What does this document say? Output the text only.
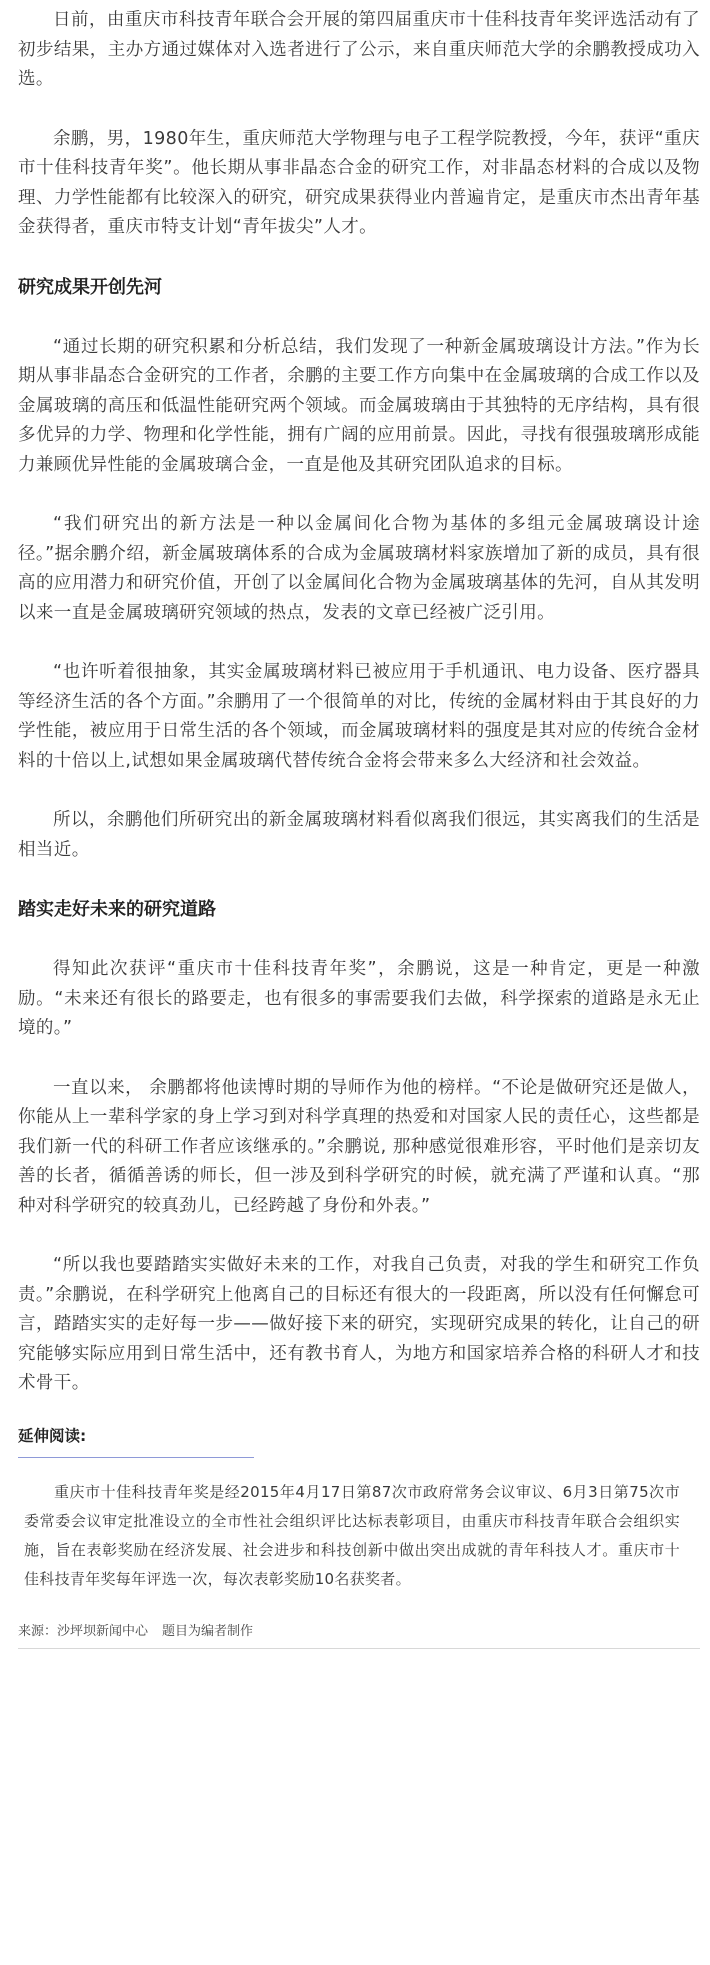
日前，由重庆市科技青年联合会开展的第四届重庆市十佳科技青年奖评选活动有了初步结果，主办方通过媒体对入选者进行了公示，来自重庆师范大学的余鹏教授成功入选。

余鹏，男，1980年生，重庆师范大学物理与电子工程学院教授，今年，获评“重庆市十佳科技青年奖”。他长期从事非晶态合金的研究工作，对非晶态材料的合成以及物理、力学性能都有比较深入的研究，研究成果获得业内普遍肯定，是重庆市杰出青年基金获得者，重庆市特支计划“青年拔尖”人才。

研究成果开创先河

“通过长期的研究积累和分析总结，我们发现了一种新金属玻璃设计方法。”作为长期从事非晶态合金研究的工作者，余鹏的主要工作方向集中在金属玻璃的合成工作以及金属玻璃的高压和低温性能研究两个领域。而金属玻璃由于其独特的无序结构，具有很多优异的力学、物理和化学性能，拥有广阔的应用前景。因此，寻找有很强玻璃形成能力兼顾优异性能的金属玻璃合金，一直是他及其研究团队追求的目标。

“我们研究出的新方法是一种以金属间化合物为基体的多组元金属玻璃设计途径。”据余鹏介绍，新金属玻璃体系的合成为金属玻璃材料家族增加了新的成员，具有很高的应用潜力和研究价值，开创了以金属间化合物为金属玻璃基体的先河，自从其发明以来一直是金属玻璃研究领域的热点，发表的文章已经被广泛引用。

“也许听着很抽象，其实金属玻璃材料已被应用于手机通讯、电力设备、医疗器具等经济生活的各个方面。”余鹏用了一个很简单的对比，传统的金属材料由于其良好的力学性能，被应用于日常生活的各个领域，而金属玻璃材料的强度是其对应的传统合金材料的十倍以上,试想如果金属玻璃代替传统合金将会带来多么大经济和社会效益。

所以，余鹏他们所研究出的新金属玻璃材料看似离我们很远，其实离我们的生活是相当近。

踏实走好未来的研究道路

得知此次获评“重庆市十佳科技青年奖”，余鹏说，这是一种肯定，更是一种激励。“未来还有很长的路要走，也有很多的事需要我们去做，科学探索的道路是永无止境的。”

一直以来， 余鹏都将他读博时期的导师作为他的榜样。“不论是做研究还是做人，你能从上一辈科学家的身上学习到对科学真理的热爱和对国家人民的责任心，这些都是我们新一代的科研工作者应该继承的。”余鹏说, 那种感觉很难形容，平时他们是亲切友善的长者，循循善诱的师长，但一涉及到科学研究的时候，就充满了严谨和认真。“那种对科学研究的较真劲儿，已经跨越了身份和外表。”

“所以我也要踏踏实实做好未来的工作，对我自己负责，对我的学生和研究工作负责。”余鹏说，在科学研究上他离自己的目标还有很大的一段距离，所以没有任何懈怠可言，踏踏实实的走好每一步——做好接下来的研究，实现研究成果的转化，让自己的研究能够实际应用到日常生活中，还有教书育人，为地方和国家培养合格的科研人才和技术骨干。

延伸阅读:

重庆市十佳科技青年奖是经2015年4月17日第87次市政府常务会议审议、6月3日第75次市委常委会议审定批准设立的全市性社会组织评比达标表彰项目，由重庆市科技青年联合会组织实施，旨在表彰奖励在经济发展、社会进步和科技创新中做出突出成就的青年科技人才。重庆市十佳科技青年奖每年评选一次，每次表彰奖励10名获奖者。

来源：沙坪坝新闻中心 题目为编者制作
